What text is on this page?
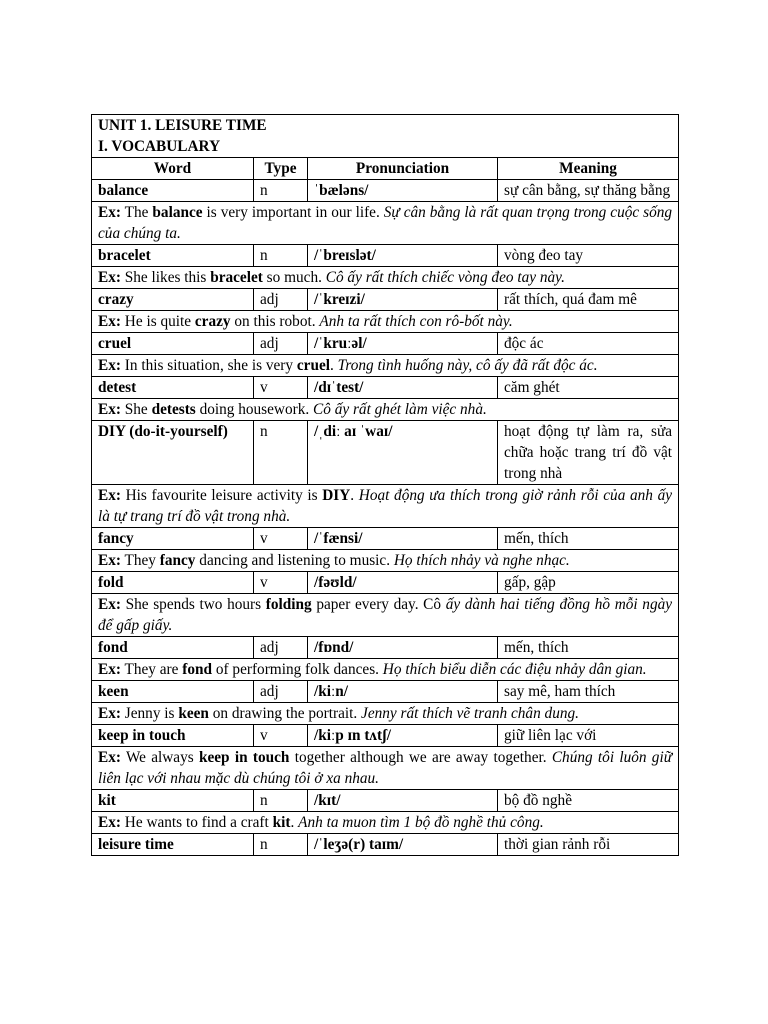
UNIT 1. LEISURE TIME
I. VOCABULARY			

Word	Type	Pronunciation	Meaning
balance	n	ˈbæləns/	sự cân bằng, sự thăng bằng
Ex: The balance is very important in our life. Sự cân bằng là rất quan trọng trong cuộc sống của chúng ta.			
bracelet	n	/ˈbreɪslət/	vòng đeo tay
Ex: She likes this bracelet so much. Cô ấy rất thích chiếc vòng đeo tay này.			
crazy	adj	/ˈkreɪzi/	rất thích, quá đam mê
Ex: He is quite crazy on this robot. Anh ta rất thích con rô-bốt này.			
cruel	adj	/ˈkruːəl/	độc ác
Ex: In this situation, she is very cruel. Trong tình huống này, cô ấy đã rất độc ác.			
detest	v	/dɪˈtest/	căm ghét
Ex: She detests doing housework. Cô ấy rất ghét làm việc nhà.			
DIY (do-it-yourself)	n	/ˌdiː aɪ ˈwaɪ/	hoạt động tự làm ra, sửa chữa hoặc trang trí đồ vật trong nhà
Ex: His favourite leisure activity is DIY. Hoạt động ưa thích trong giờ rảnh rỗi của anh ấy là tự trang trí đồ vật trong nhà.			
fancy	v	/ˈfænsi/	mến, thích
Ex: They fancy dancing and listening to music. Họ thích nhảy và nghe nhạc.			
fold	v	/fəʊld/	gấp, gập
Ex: She spends two hours folding paper every day. Cô ấy dành hai tiếng đồng hồ mỗi ngày để gấp giấy.			
fond	adj	/fɒnd/	mến, thích
Ex: They are fond of performing folk dances. Họ thích biểu diễn các điệu nhảy dân gian.			
keen	adj	/kiːn/	say mê, ham thích
Ex: Jenny is keen on drawing the portrait. Jenny rất thích vẽ tranh chân dung.			
keep in touch	v	/kiːp ɪn tʌtʃ/	giữ liên lạc với
Ex: We always keep in touch together although we are away together. Chúng tôi luôn giữ liên lạc với nhau mặc dù chúng tôi ở xa nhau.			
kit	n	/kɪt/	bộ đồ nghề
Ex: He wants to find a craft kit. Anh ta muon tìm 1 bộ đồ nghề thủ công.			
leisure time	n	/ˈleʒə(r) taɪm/	thời gian rảnh rỗi
